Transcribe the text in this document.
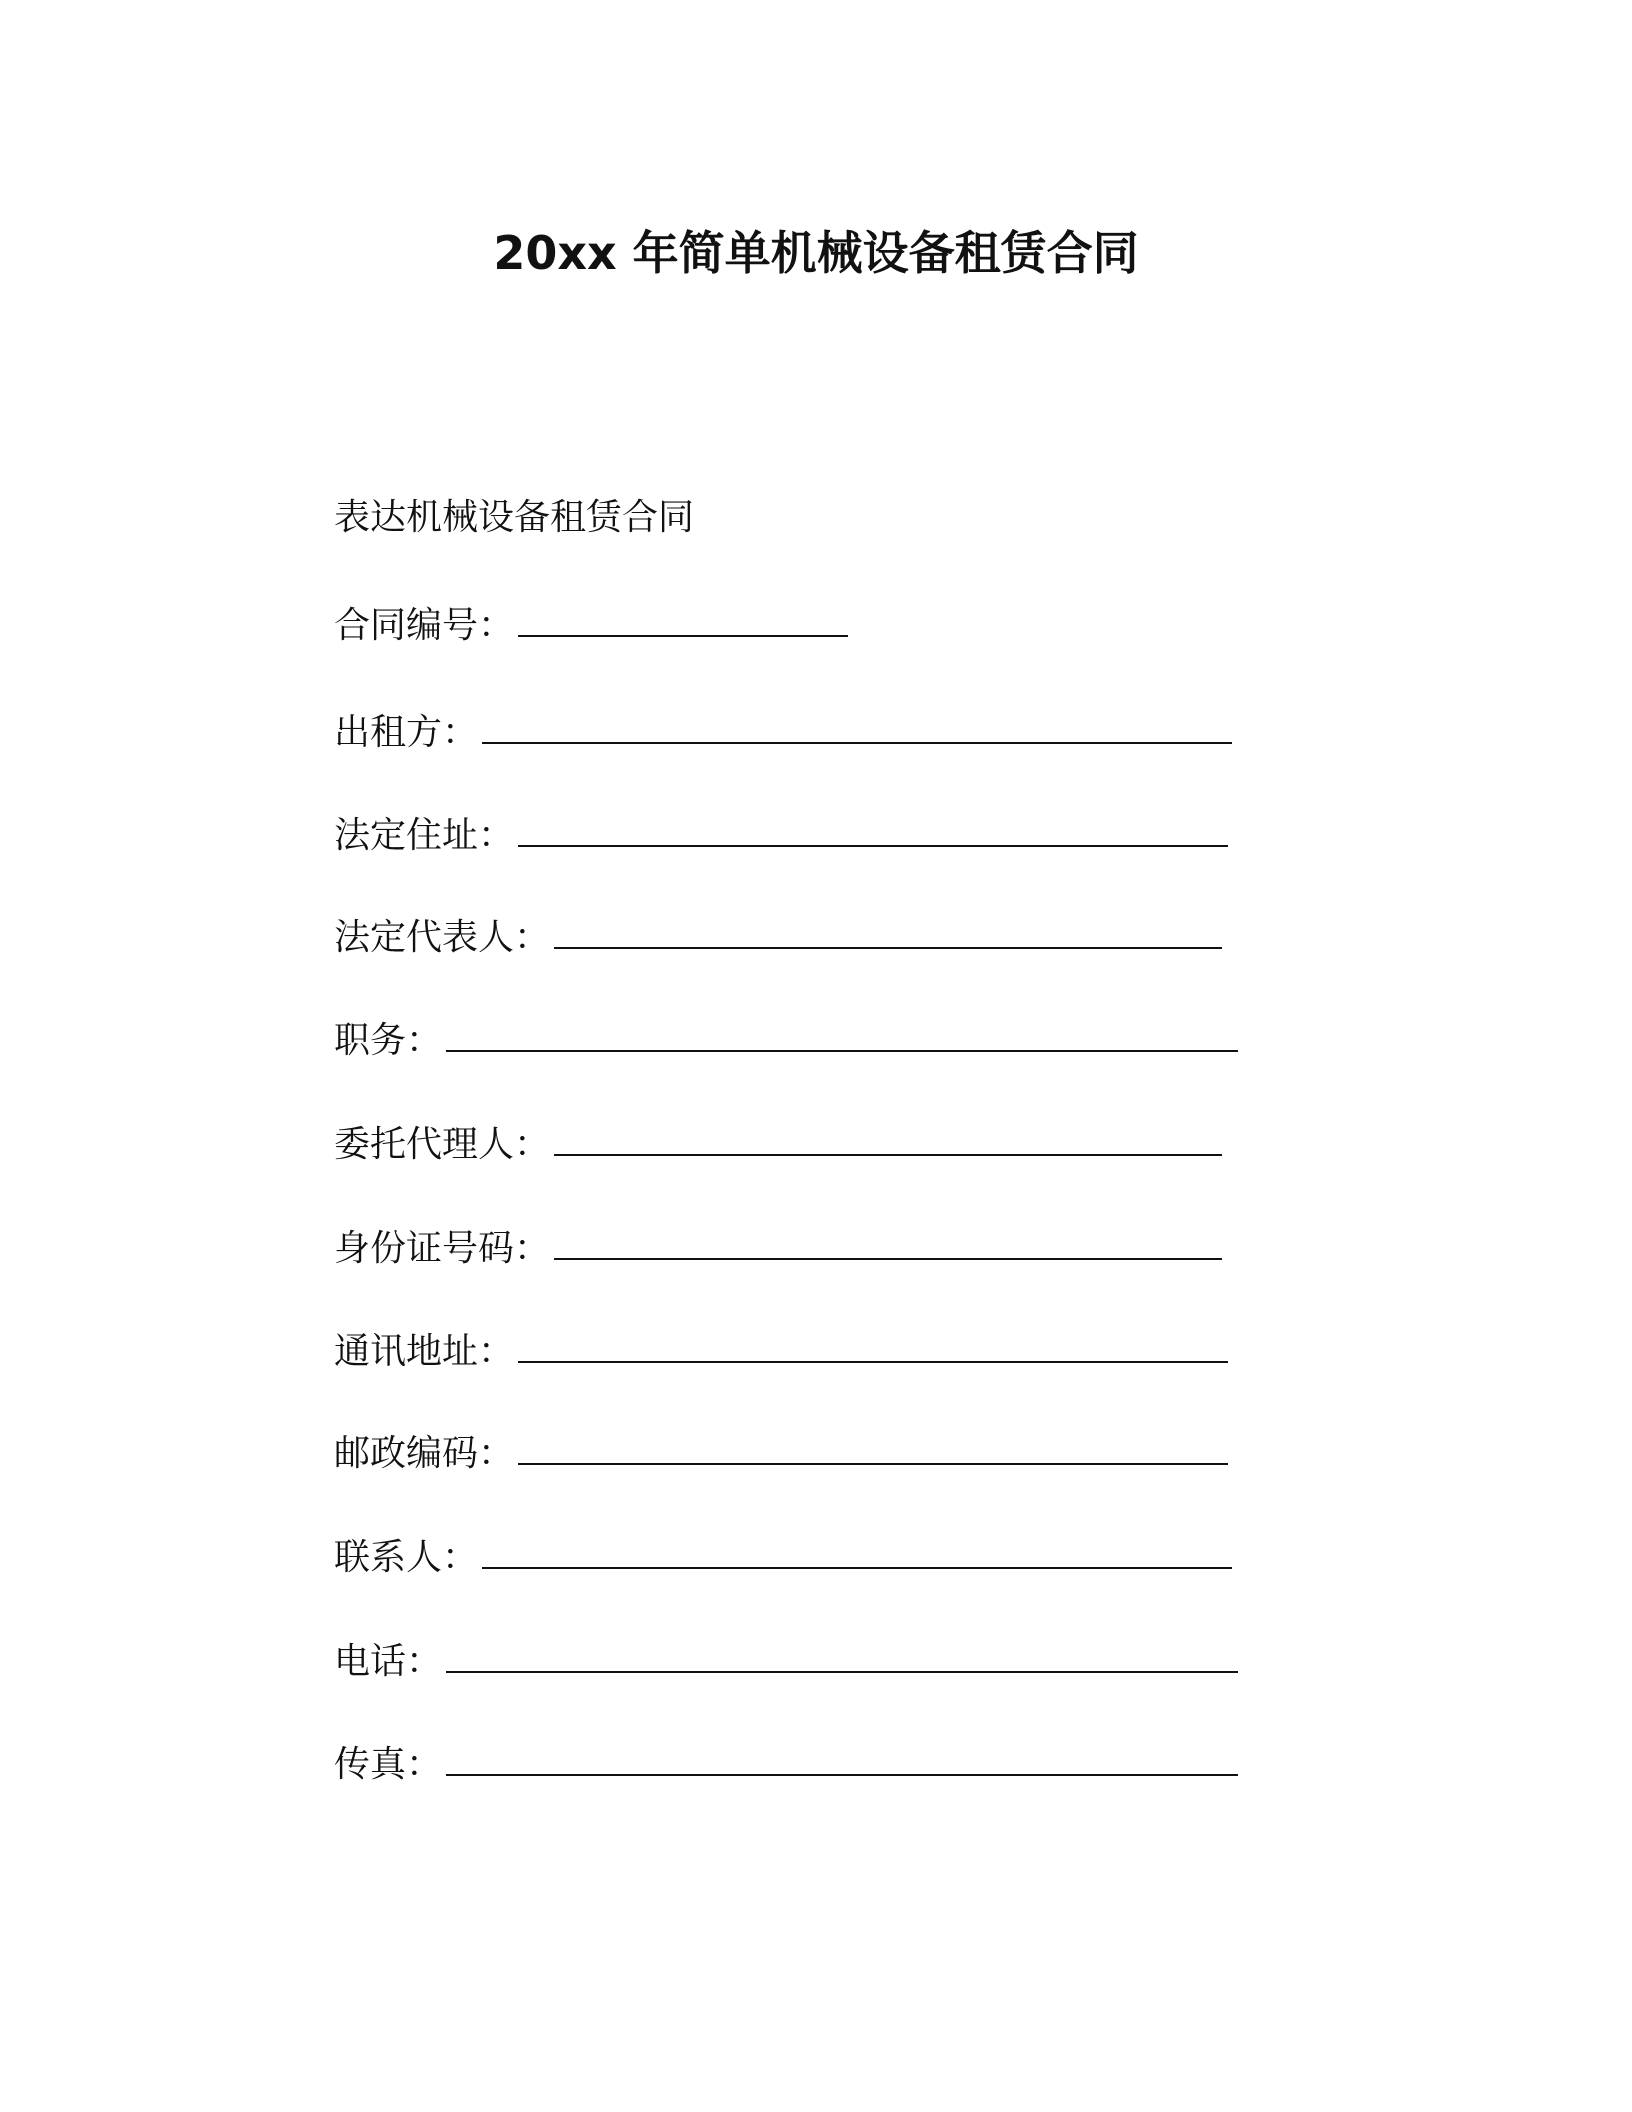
20xx 年简单机械设备租赁合同
表达机械设备租赁合同
合同编号：
出租方：
法定住址：
法定代表人：
职务：
委托代理人：
身份证号码：
通讯地址：
邮政编码：
联系人：
电话：
传真：
